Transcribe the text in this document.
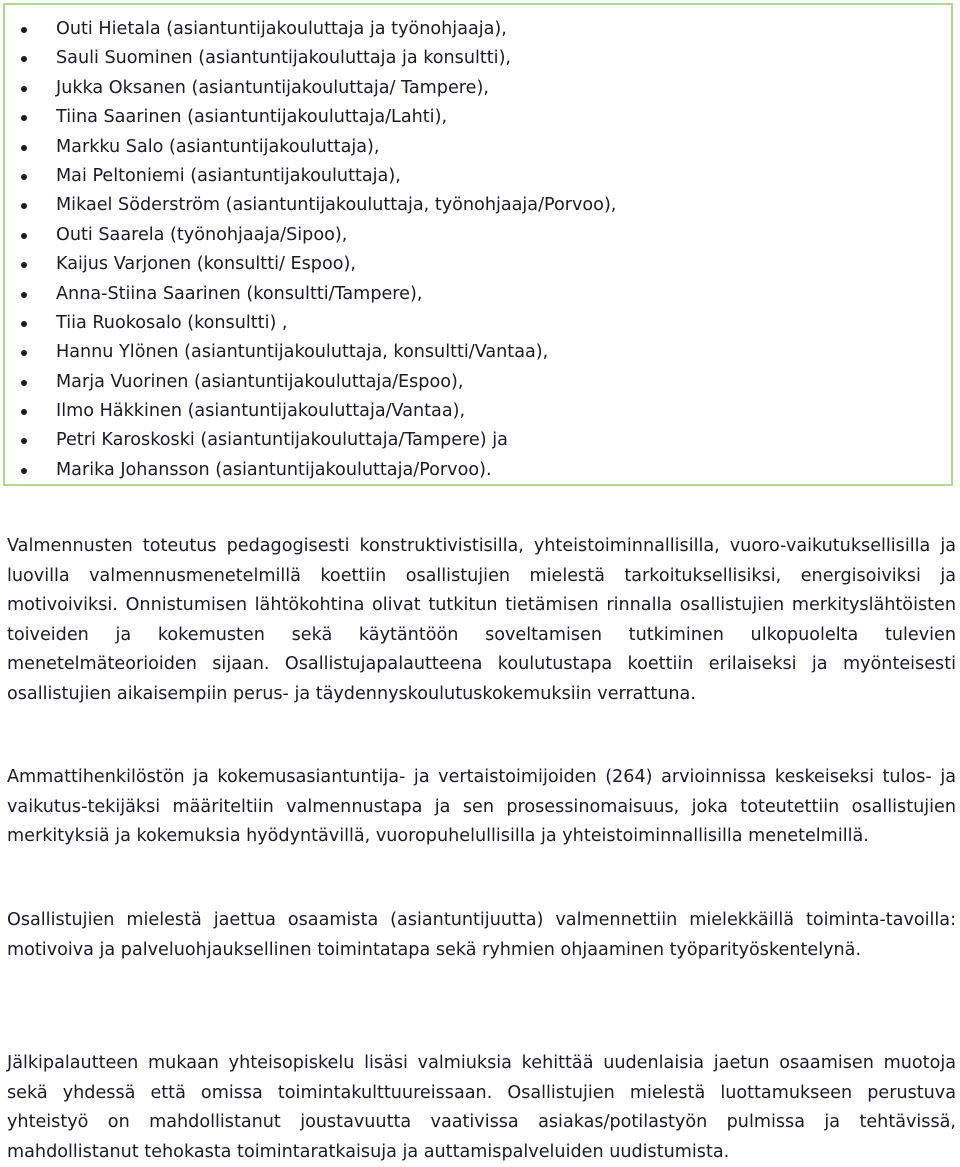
Outi Hietala (asiantuntijakouluttaja ja työnohjaaja),
Sauli Suominen (asiantuntijakouluttaja ja konsultti),
Jukka Oksanen (asiantuntijakouluttaja/ Tampere),
Tiina Saarinen (asiantuntijakouluttaja/Lahti),
Markku Salo (asiantuntijakouluttaja),
Mai Peltoniemi (asiantuntijakouluttaja),
Mikael Söderström (asiantuntijakouluttaja, työnohjaaja/Porvoo),
Outi Saarela (työnohjaaja/Sipoo),
Kaijus Varjonen (konsultti/ Espoo),
Anna-Stiina Saarinen (konsultti/Tampere),
Tiia Ruokosalo (konsultti) ,
Hannu Ylönen (asiantuntijakouluttaja, konsultti/Vantaa),
Marja Vuorinen (asiantuntijakouluttaja/Espoo),
Ilmo Häkkinen (asiantuntijakouluttaja/Vantaa),
Petri Karoskoski (asiantuntijakouluttaja/Tampere) ja
Marika Johansson (asiantuntijakouluttaja/Porvoo).

Valmennusten toteutus pedagogisesti konstruktivistisilla, yhteistoiminnallisilla, vuoro-vaikutuksellisilla ja luovilla valmennusmenetelmillä koettiin osallistujien mielestä tarkoituksellisiksi, energisoiviksi ja motivoiviksi. Onnistumisen lähtökohtina olivat tutkitun tietämisen rinnalla osallistujien merkityslähtöisten toiveiden ja kokemusten sekä käytäntöön soveltamisen tutkiminen ulkopuolelta tulevien menetelmäteorioiden sijaan. Osallistujapalautteena koulutustapa koettiin erilaiseksi ja myönteisesti osallistujien aikaisempiin perus- ja täydennyskoulutuskokemuksiin verrattuna.

Ammattihenkilöstön ja kokemusasiantuntija- ja vertaistoimijoiden (264) arvioinnissa keskeiseksi tulos- ja vaikutus-tekijäksi määriteltiin valmennustapa ja sen prosessinomaisuus, joka toteutettiin osallistujien merkityksiä ja kokemuksia hyödyntävillä, vuoropuhelullisilla ja yhteistoiminnallisilla menetelmillä.

Osallistujien mielestä jaettua osaamista (asiantuntijuutta) valmennettiin mielekkäillä toiminta-tavoilla: motivoiva ja palveluohjauksellinen toimintatapa sekä ryhmien ohjaaminen työparityöskentelynä.

Jälkipalautteen mukaan yhteisopiskelu lisäsi valmiuksia kehittää uudenlaisia jaetun osaamisen muotoja sekä yhdessä että omissa toimintakulttuureissaan. Osallistujien mielestä luottamukseen perustuva yhteistyö on mahdollistanut joustavuutta vaativissa asiakas/potilastyön pulmissa ja tehtävissä, mahdollistanut tehokasta toimintaratkaisuja ja auttamispalveluiden uudistumista.
